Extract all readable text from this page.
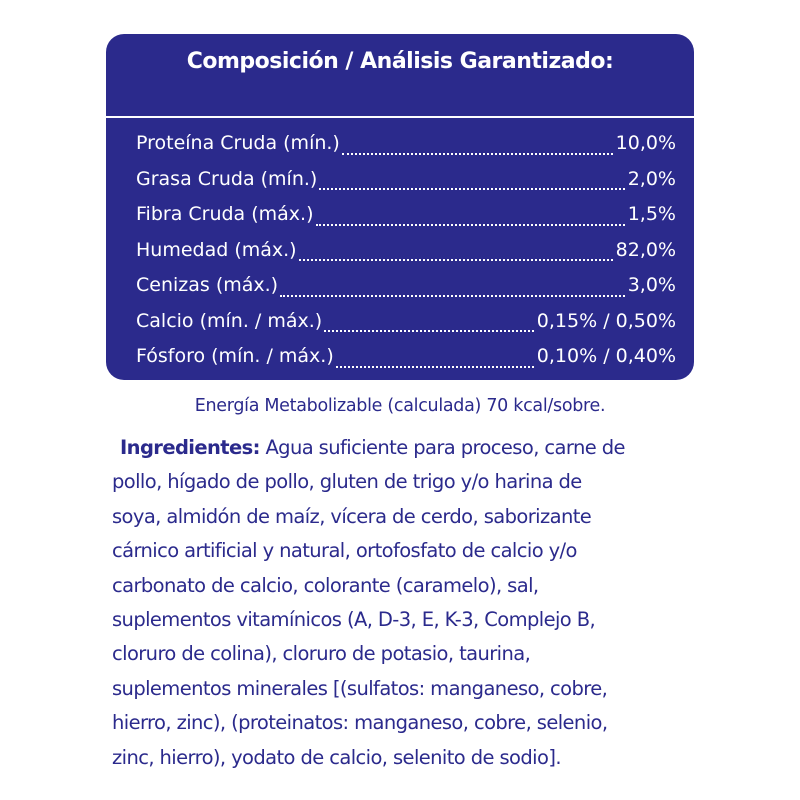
Composición / Análisis Garantizado:
Proteína Cruda (mín.)	10,0%
Grasa Cruda (mín.)	2,0%
Fibra Cruda (máx.)	1,5%
Humedad (máx.)	82,0%
Cenizas (máx.)	3,0%
Calcio (mín. / máx.)	0,15% / 0,50%
Fósforo (mín. / máx.)	0,10% / 0,40%
Taurina (mín.)	0,05%
Energía Metabolizable (calculada) 70 kcal/sobre.
Ingredientes: Agua suficiente para proceso, carne de
pollo, hígado de pollo, gluten de trigo y/o harina de
soya, almidón de maíz, vícera de cerdo, saborizante
cárnico artificial y natural, ortofosfato de calcio y/o
carbonato de calcio, colorante (caramelo), sal,
suplementos vitamínicos (A, D-3, E, K-3, Complejo B,
cloruro de colina), cloruro de potasio, taurina,
suplementos minerales [(sulfatos: manganeso, cobre,
hierro, zinc), (proteinatos: manganeso, cobre, selenio,
zinc, hierro), yodato de calcio, selenito de sodio].
